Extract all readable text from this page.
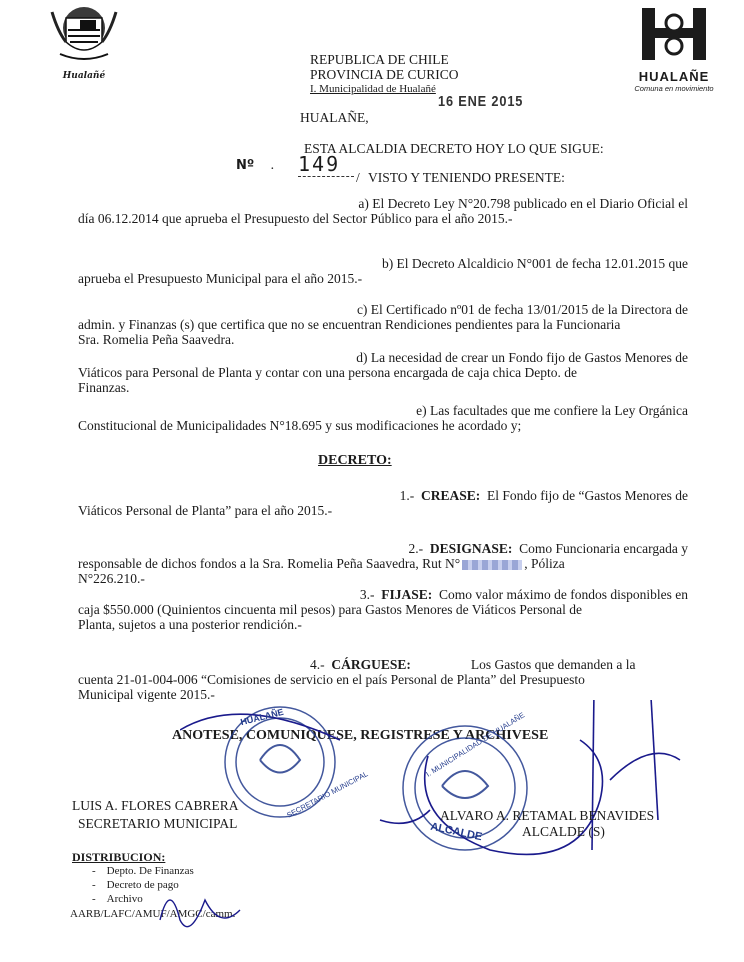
Hualañé	HUALAÑE
Comuna en movimiento
REPUBLICA DE CHILE
PROVINCIA DE CURICO
I. Municipalidad de Hualañé
16 ENE 2015
HUALAÑE,
ESTA ALCALDIA DECRETO HOY LO QUE SIGUE:
Nº · 149
/ VISTO Y TENIENDO PRESENTE:
a) El Decreto Ley N°20.798 publicado en el Diario Oficial el
día 06.12.2014 que aprueba el Presupuesto del Sector Público para el año 2015.-
b) El Decreto Alcaldicio N°001 de fecha 12.01.2015 que
aprueba el Presupuesto Municipal para el año 2015.-
c) El Certificado nº01 de fecha 13/01/2015 de la Directora de
admin. y Finanzas (s) que certifica que no se encuentran Rendiciones pendientes para la Funcionaria
Sra. Romelia Peña Saavedra.
d) La necesidad de crear un Fondo fijo de Gastos Menores de
Viáticos para Personal de Planta y contar con una persona encargada de caja chica Depto. de
Finanzas.
e) Las facultades que me confiere la Ley Orgánica
Constitucional de Municipalidades N°18.695 y sus modificaciones he acordado y;
DECRETO:
1.- CREASE: El Fondo fijo de “Gastos Menores de
Viáticos Personal de Planta” para el año 2015.-
2.- DESIGNASE: Como Funcionaria encargada y
responsable de dichos fondos a la Sra. Romelia Peña Saavedra, Rut N°	, Póliza
N°226.210.-
3.- FIJASE: Como valor máximo de fondos disponibles en
caja $550.000 (Quinientos cincuenta mil pesos) para Gastos Menores de Viáticos Personal de
Planta, sujetos a una posterior rendición.-
4.- CÁRGUESE:	Los Gastos que demanden a la
cuenta 21-01-004-006 “Comisiones de servicio en el país Personal de Planta” del Presupuesto
Municipal vigente 2015.-
ANOTESE, COMUNIQUESE, REGISTRESE Y ARCHIVESE
HUALAÑE
SECRETARIO MUNICIPAL
I. MUNICIPALIDAD DE HUALAÑE
ALCALDE
LUIS A. FLORES CABRERA
SECRETARIO MUNICIPAL
ALVARO A. RETAMAL BENAVIDES
ALCALDE (S)
DISTRIBUCION:
-    Depto. De Finanzas
-    Decreto de pago
-    Archivo
AARB/LAFC/AMUF/AMGC/camm.
